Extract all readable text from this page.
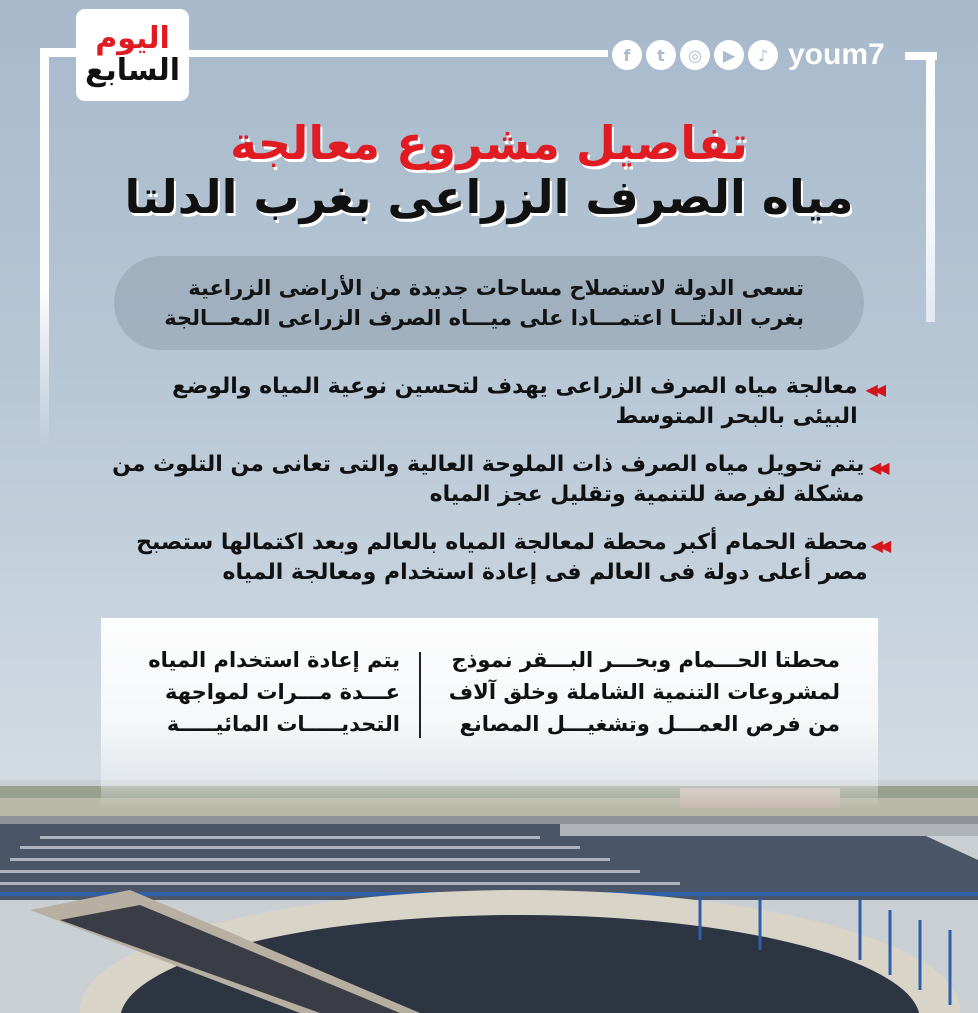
اليوم
السابع	f	t	◎	▶	♪ youm7
تفاصيل مشروع معالجة
مياه الصرف الزراعى بغرب الدلتا
تسعى الدولة لاستصلاح مساحات جديدة من الأراضى الزراعية
بغرب الدلتـــا اعتمـــادا على ميـــاه الصرف الزراعى المعـــالجة
◀◀
معالجة مياه الصرف الزراعى يهدف لتحسين نوعية المياه والوضع البيئى بالبحر المتوسط
◀◀
يتم تحويل مياه الصرف ذات الملوحة العالية والتى تعانى من التلوث من مشكلة لفرصة للتنمية وتقليل عجز المياه
◀◀
محطة الحمام أكبر محطة لمعالجة المياه بالعالم وبعد اكتمالها ستصبح مصر أعلى دولة فى العالم فى إعادة استخدام ومعالجة المياه
محطتا الحـــمام وبحـــر البـــقر نموذج
لمشروعات التنمية الشاملة وخلق آلاف
من فرص العمـــل وتشغيـــل المصانع
يتم إعادة استخدام المياه
عـــدة مـــرات لمواجهة
التحديـــــات المائيـــــة
